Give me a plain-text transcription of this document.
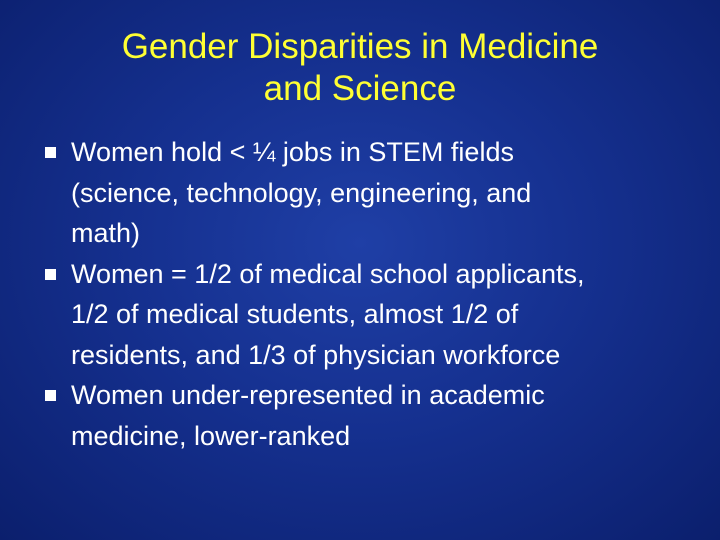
Gender Disparities in Medicine
and Science
Women hold < ¼ jobs in STEM fields
(science, technology, engineering, and
math)
Women = 1/2 of medical school applicants,
1/2 of medical students, almost 1/2 of
residents, and 1/3 of physician workforce
Women under-represented in academic
medicine, lower-ranked
